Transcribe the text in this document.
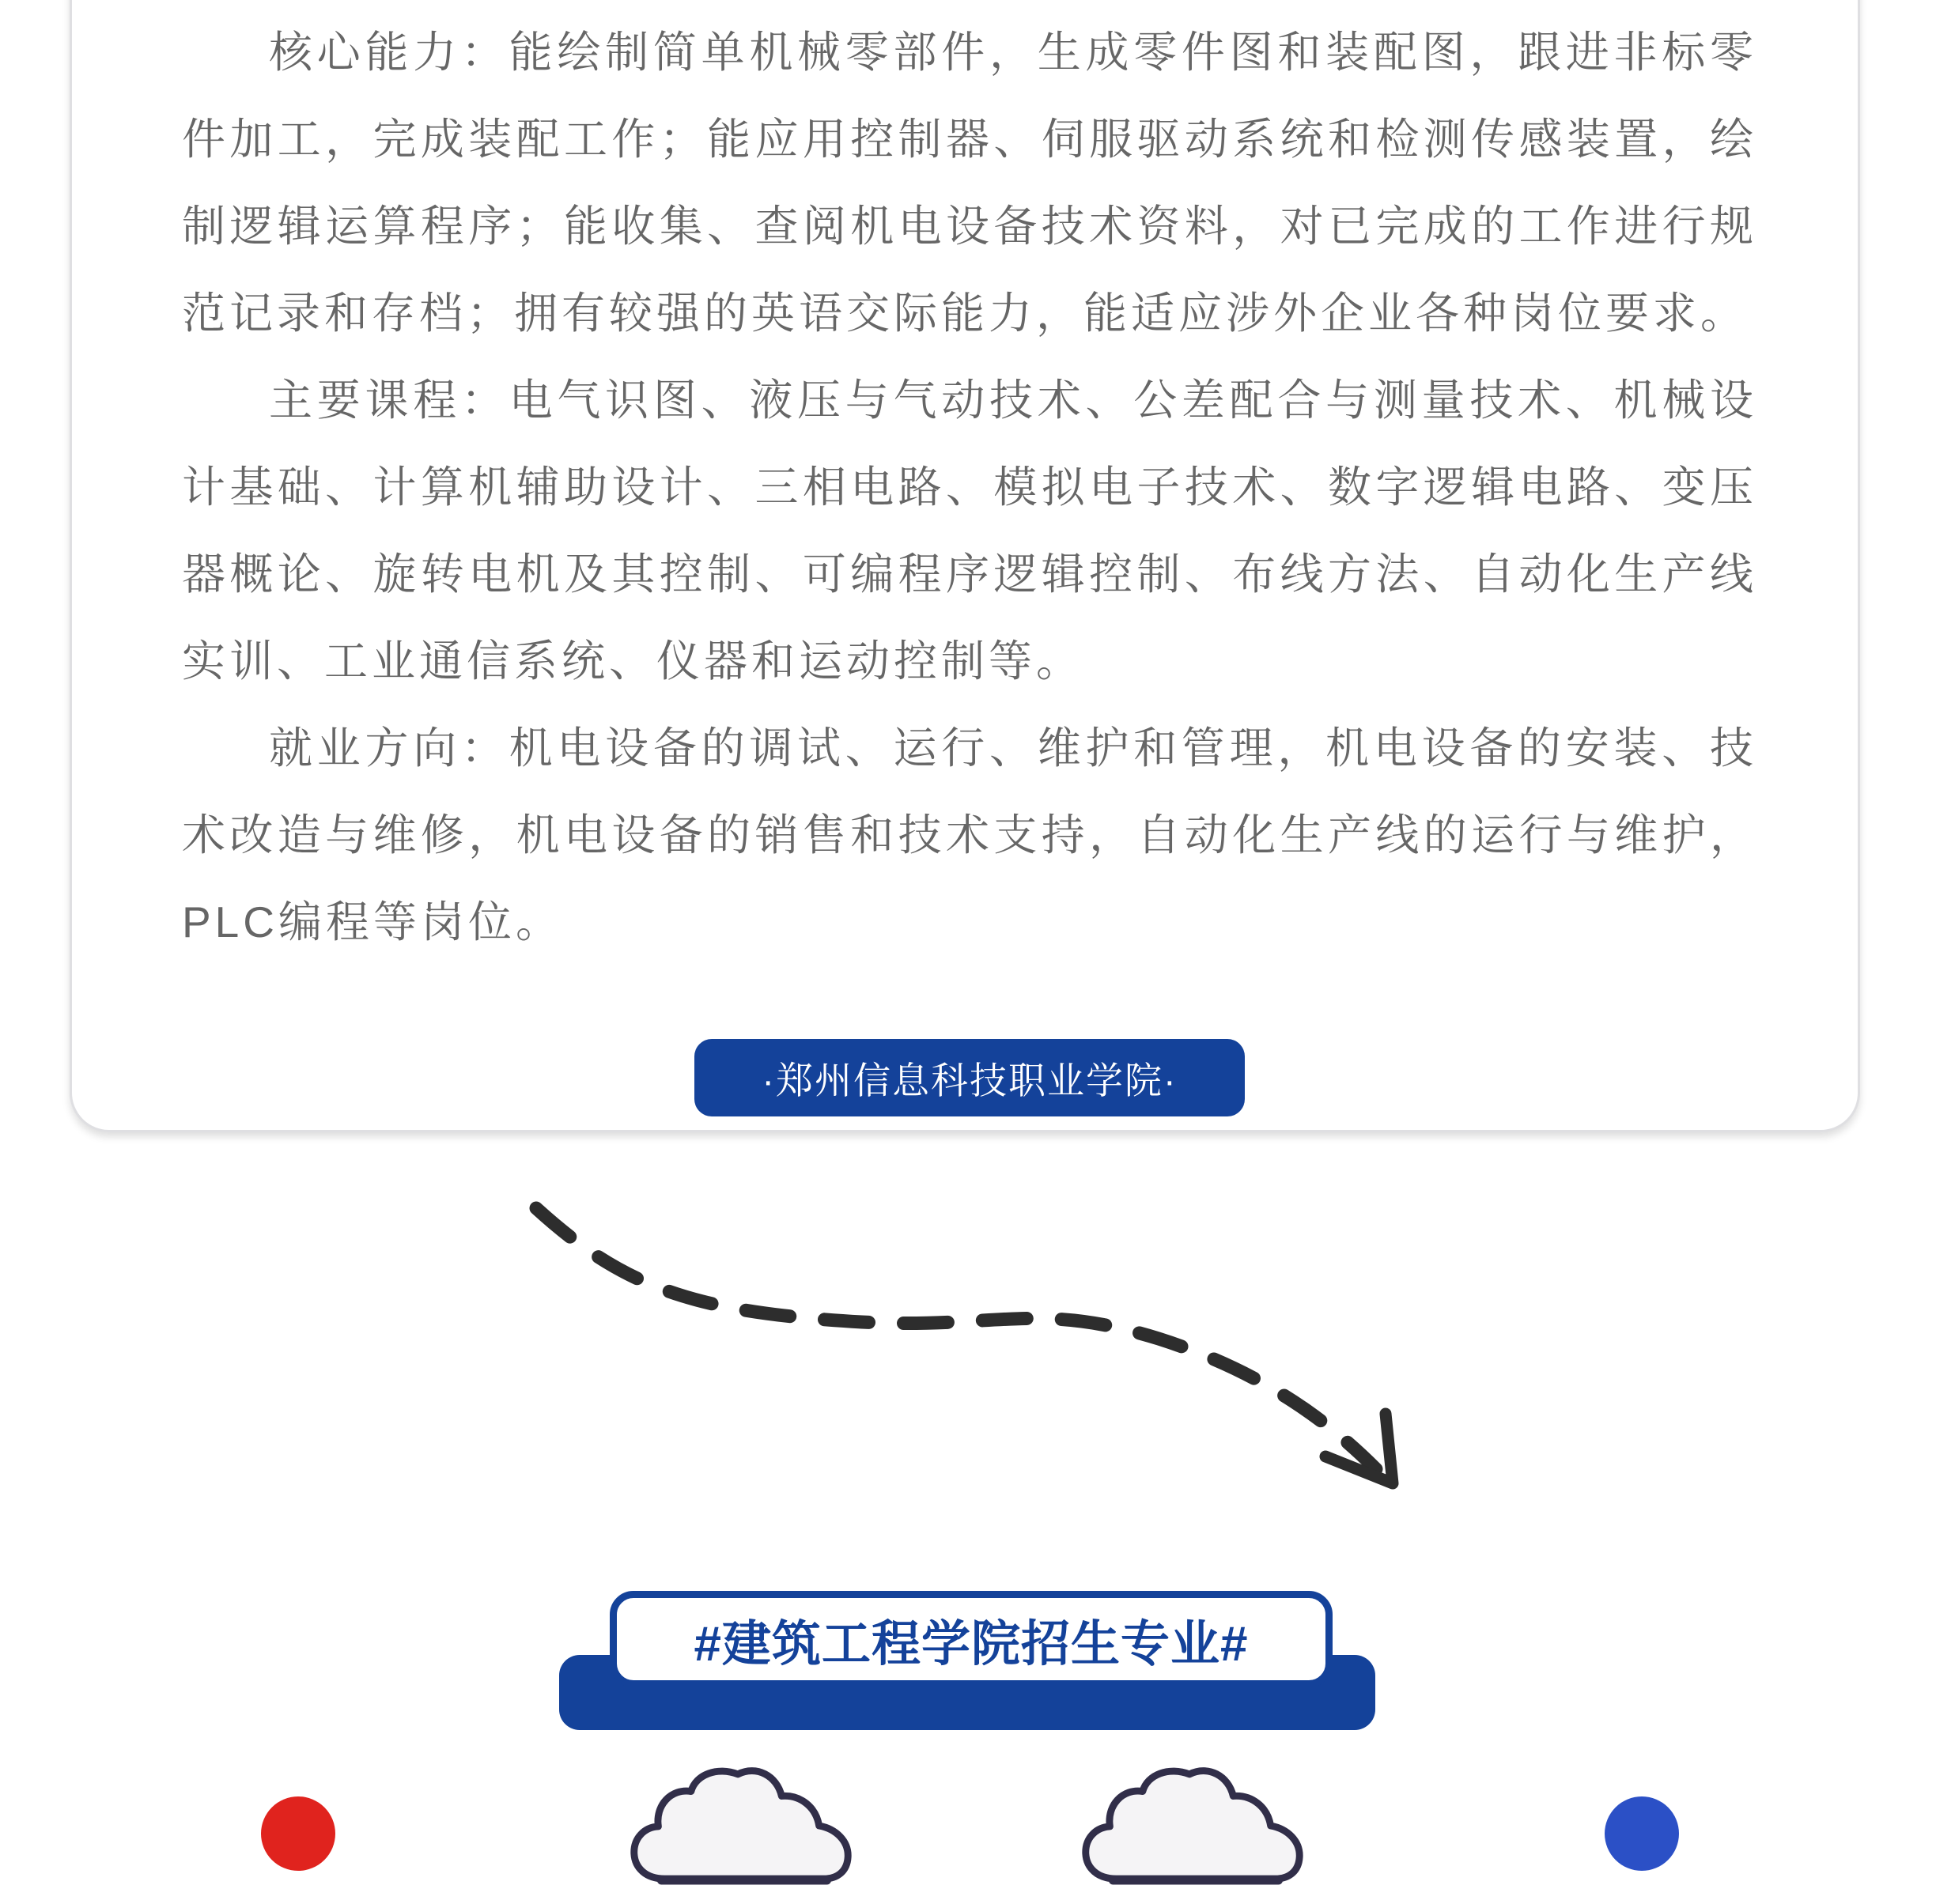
核心能力：能绘制简单机械零部件，生成零件图和装配图，跟进非标零件加工，完成装配工作；能应用控制器、伺服驱动系统和检测传感装置，绘制逻辑运算程序；能收集、查阅机电设备技术资料，对已完成的工作进行规范记录和存档；拥有较强的英语交际能力，能适应涉外企业各种岗位要求。

主要课程：电气识图、液压与气动技术、公差配合与测量技术、机械设计基础、计算机辅助设计、三相电路、模拟电子技术、数字逻辑电路、变压器概论、旋转电机及其控制、可编程序逻辑控制、布线方法、自动化生产线实训、工业通信系统、仪器和运动控制等。

就业方向：机电设备的调试、运行、维护和管理，机电设备的安装、技术改造与维修，机电设备的销售和技术支持，自动化生产线的运行与维护，PLC编程等岗位。

·郑州信息科技职业学院·
#建筑工程学院招生专业#
